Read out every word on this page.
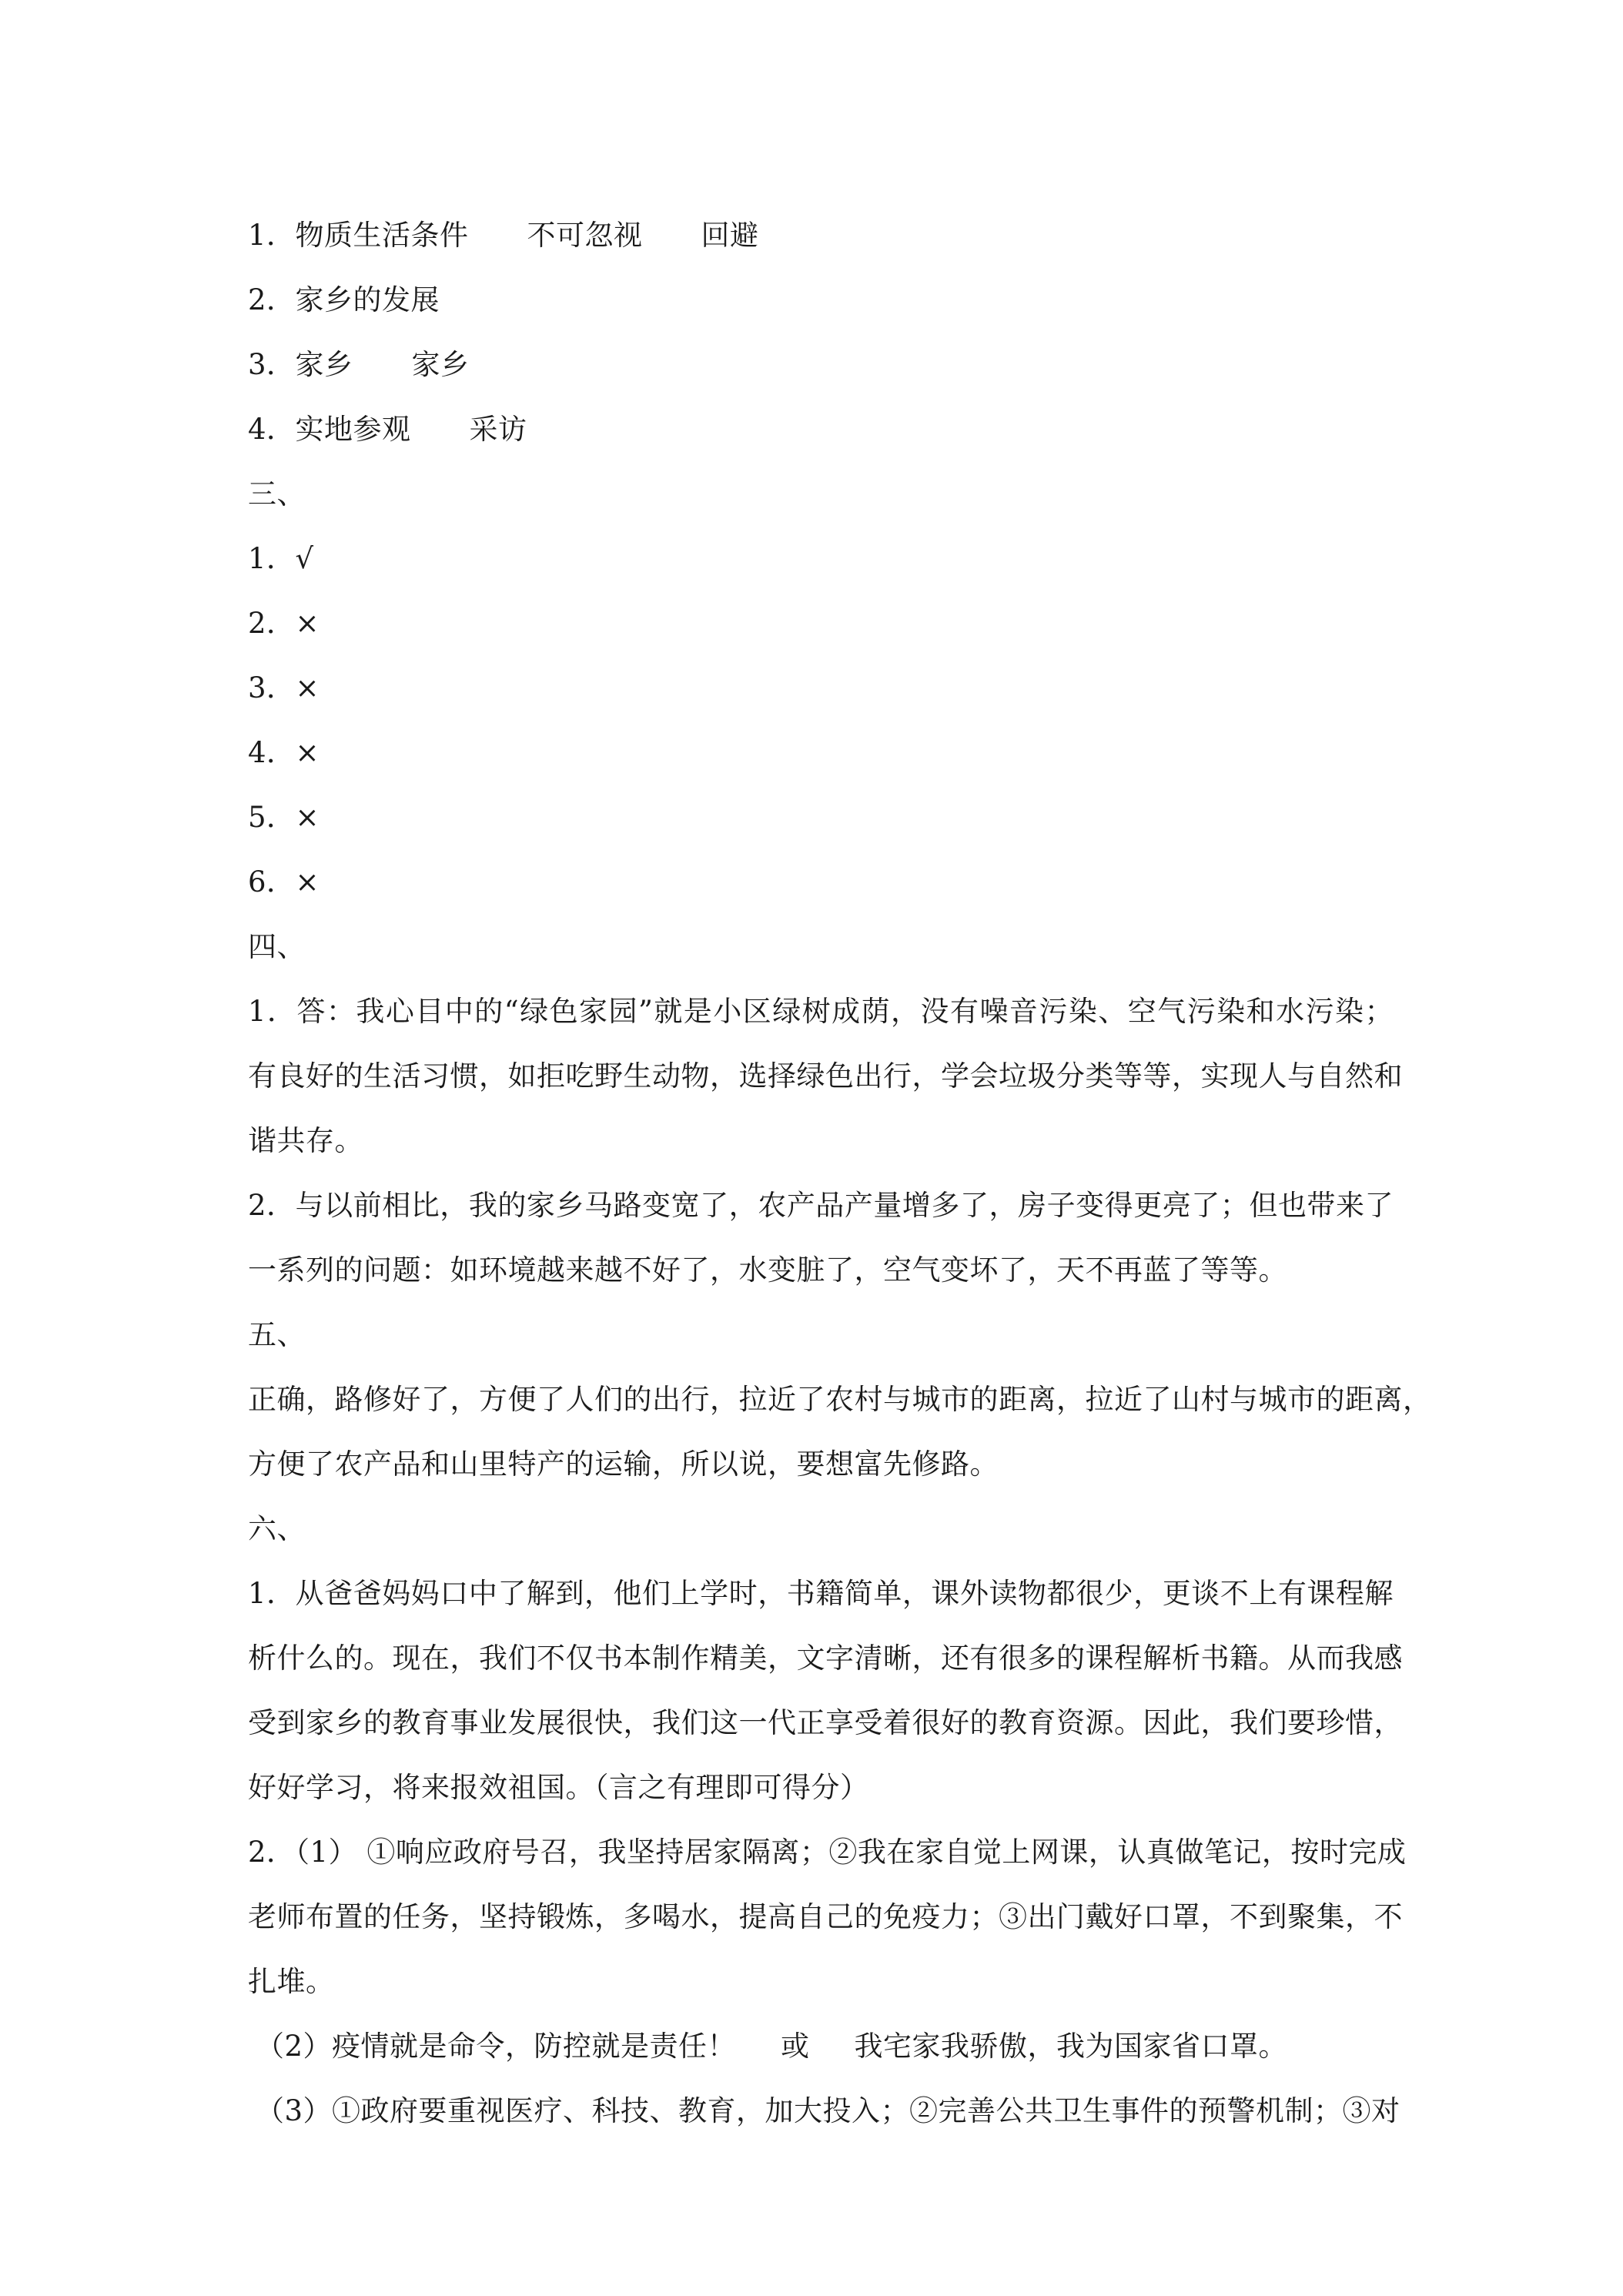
1．物质生活条件 不可忽视 回避
2．家乡的发展
3．家乡 家乡
4．实地参观 采访
三、
1．√
2．×
3．×
4．×
5．×
6．×
四、
1．答：我心目中的“绿色家园”就是小区绿树成荫，没有噪音污染、空气污染和水污染；
有良好的生活习惯，如拒吃野生动物，选择绿色出行，学会垃圾分类等等，实现人与自然和
谐共存。
2．与以前相比，我的家乡马路变宽了，农产品产量增多了，房子变得更亮了；但也带来了
一系列的问题：如环境越来越不好了，水变脏了，空气变坏了，天不再蓝了等等。
五、
正确，路修好了，方便了人们的出行，拉近了农村与城市的距离，拉近了山村与城市的距离，
方便了农产品和山里特产的运输，所以说，要想富先修路。
六、
1．从爸爸妈妈口中了解到，他们上学时，书籍简单，课外读物都很少，更谈不上有课程解
析什么的。现在，我们不仅书本制作精美，文字清晰，还有很多的课程解析书籍。从而我感
受到家乡的教育事业发展很快，我们这一代正享受着很好的教育资源。因此，我们要珍惜，
好好学习，将来报效祖国。（言之有理即可得分）
2．（1） ①响应政府号召，我坚持居家隔离；②我在家自觉上网课，认真做笔记，按时完成
老师布置的任务，坚持锻炼，多喝水，提高自己的免疫力；③出门戴好口罩，不到聚集，不
扎堆。
（2）疫情就是命令，防控就是责任！ 或 我宅家我骄傲，我为国家省口罩。
（3）①政府要重视医疗、科技、教育，加大投入；②完善公共卫生事件的预警机制；③对
